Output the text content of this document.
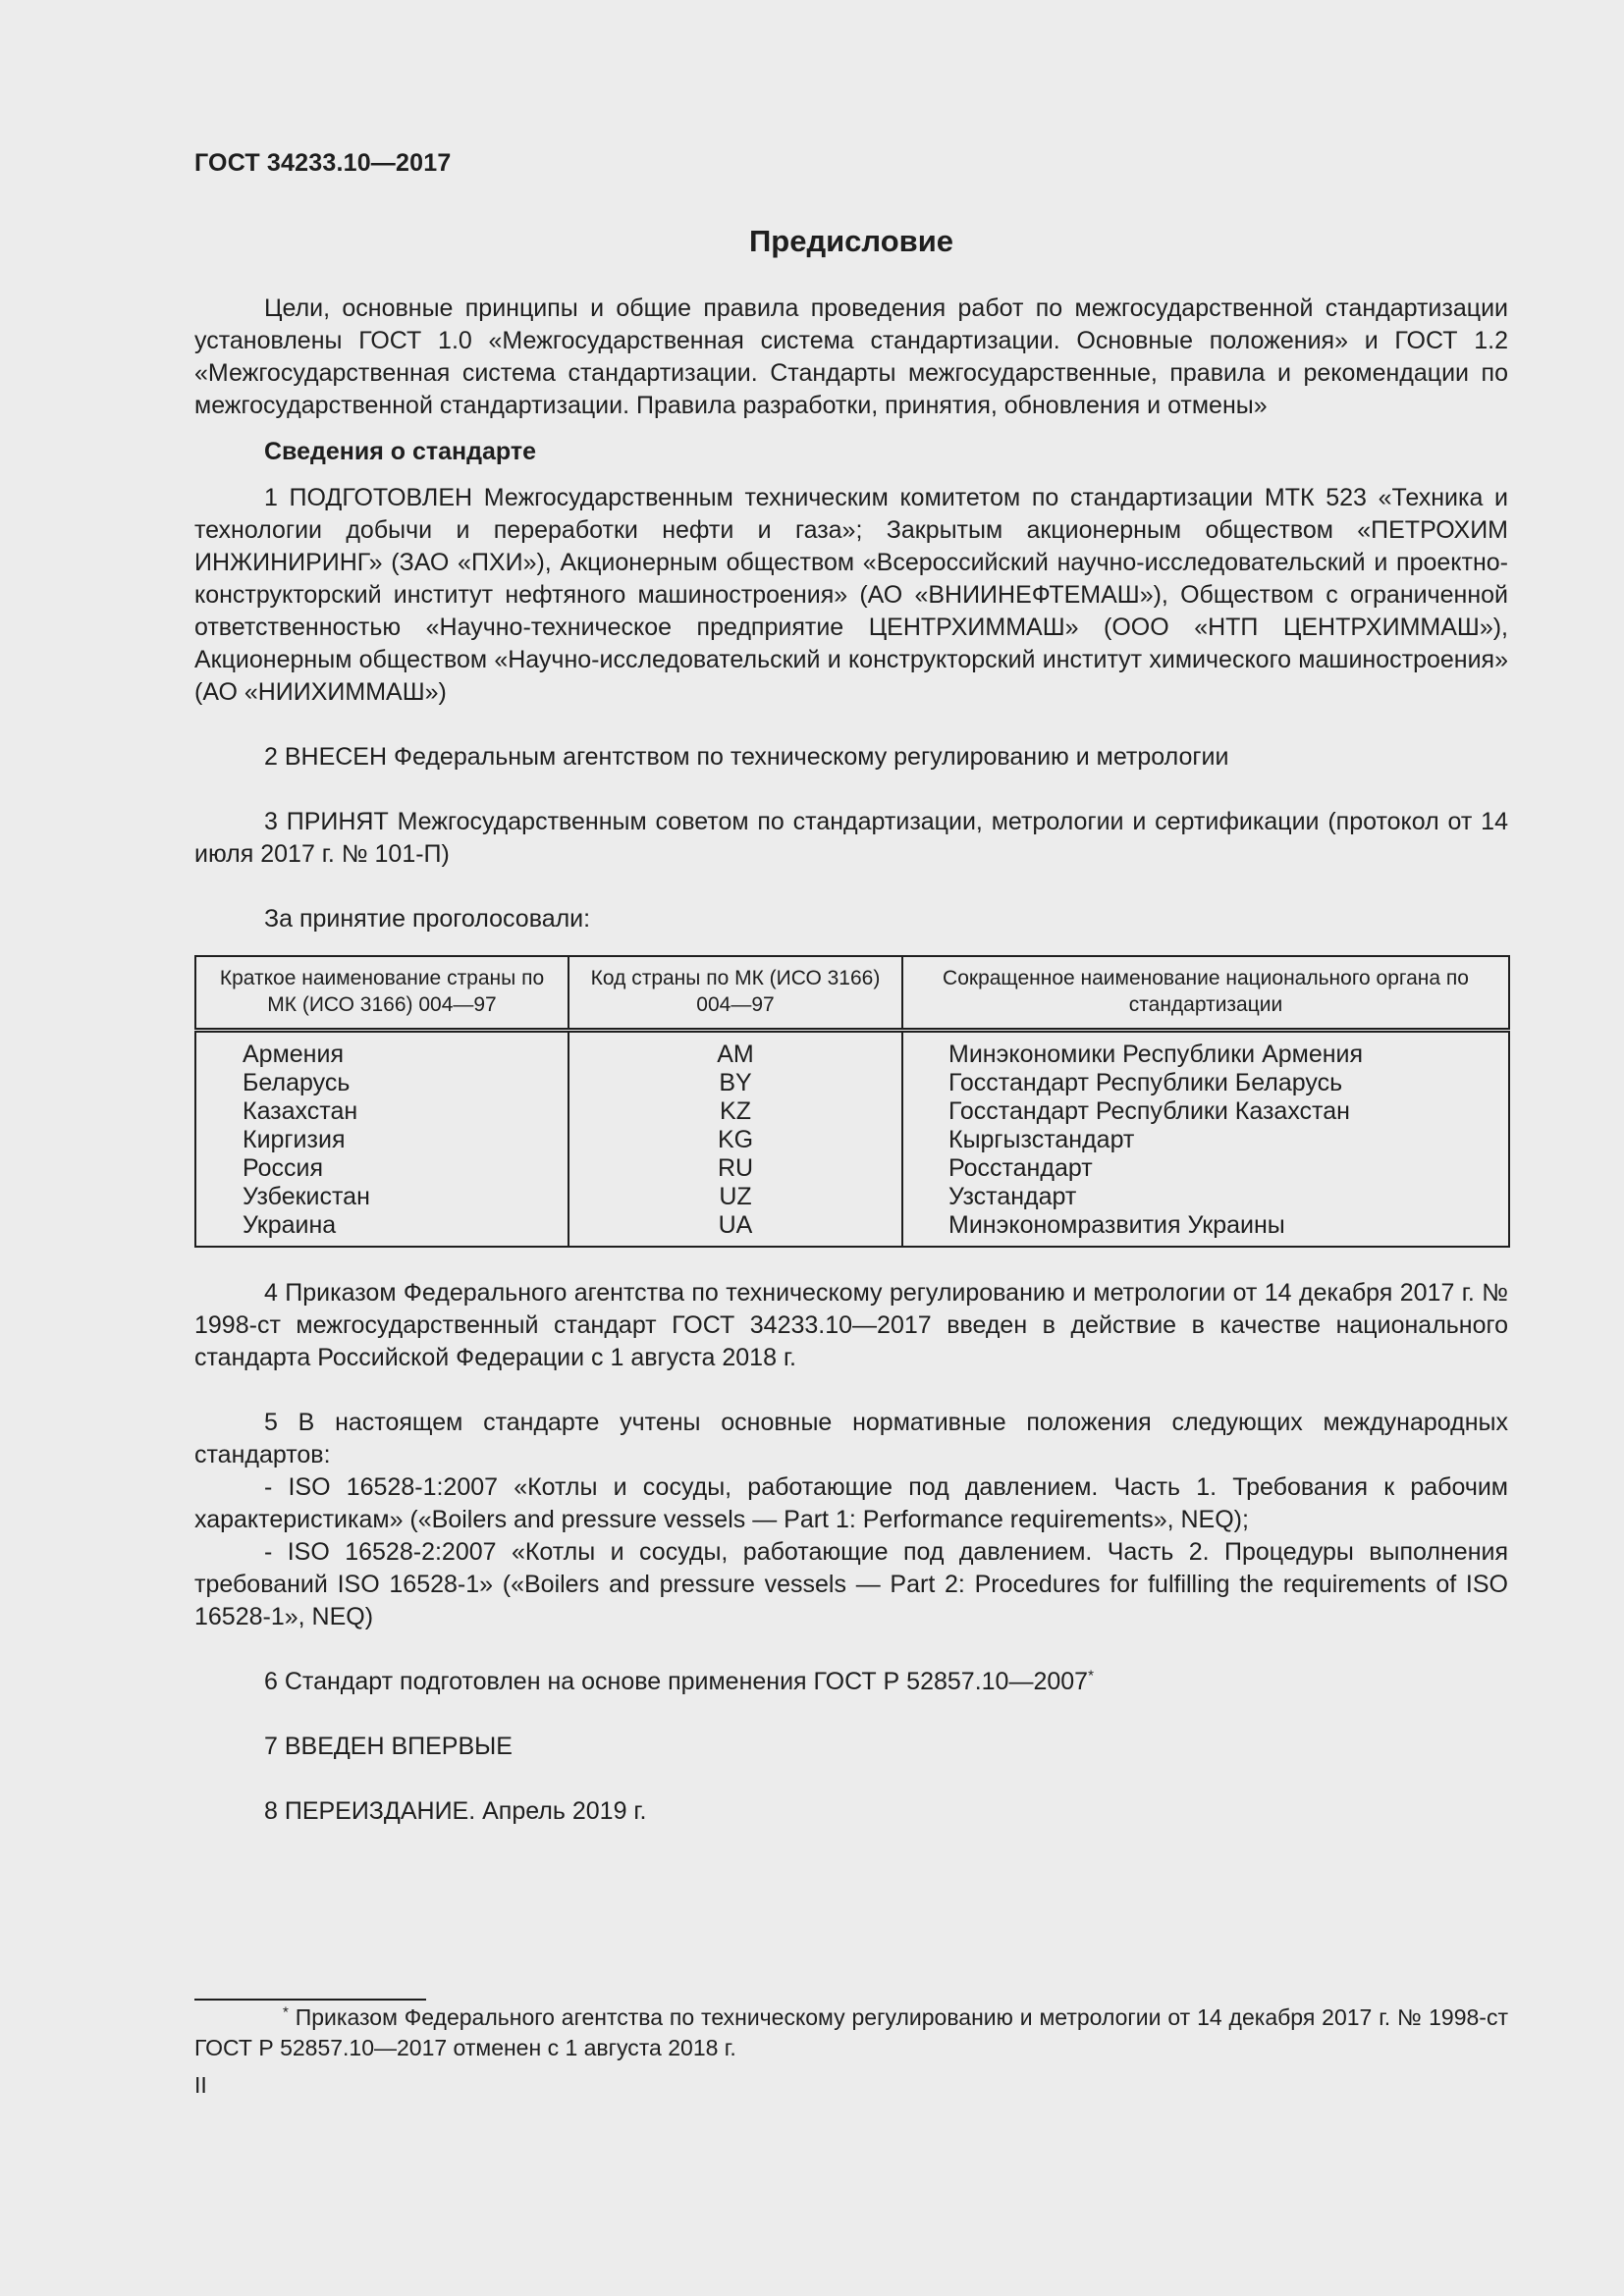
ГОСТ 34233.10—2017
Предисловие

Цели, основные принципы и общие правила проведения работ по межгосударственной стандартизации установлены ГОСТ 1.0 «Межгосударственная система стандартизации. Основные положения» и ГОСТ 1.2 «Межгосударственная система стандартизации. Стандарты межгосударственные, правила и рекомендации по межгосударственной стандартизации. Правила разработки, принятия, обновления и отмены»

Сведения о стандарте

1 ПОДГОТОВЛЕН Межгосударственным техническим комитетом по стандартизации МТК 523 «Техника и технологии добычи и переработки нефти и газа»; Закрытым акционерным обществом «ПЕТРОХИМ ИНЖИНИРИНГ» (ЗАО «ПХИ»), Акционерным обществом «Всероссийский научно-исследовательский и проектно-конструкторский институт нефтяного машиностроения» (АО «ВНИИНЕФТЕМАШ»), Обществом с ограниченной ответственностью «Научно-техническое предприятие ЦЕНТРХИММАШ» (ООО «НТП ЦЕНТРХИММАШ»), Акционерным обществом «Научно-исследовательский и конструкторский институт химического машиностроения» (АО «НИИХИММАШ»)

2 ВНЕСЕН Федеральным агентством по техническому регулированию и метрологии

3 ПРИНЯТ Межгосударственным советом по стандартизации, метрологии и сертификации (протокол от 14 июля 2017 г. № 101-П)

За принятие проголосовали:

Краткое наименование страны по МК (ИСО 3166) 004—97	Код страны по МК (ИСО 3166) 004—97	Сокращенное наименование национального органа по стандартизации
Армения	AM	Минэкономики Республики Армения
Беларусь	BY	Госстандарт Республики Беларусь
Казахстан	KZ	Госстандарт Республики Казахстан
Киргизия	KG	Кыргызстандарт
Россия	RU	Росстандарт
Узбекистан	UZ	Узстандарт
Украина	UA	Минэкономразвития Украины

4 Приказом Федерального агентства по техническому регулированию и метрологии от 14 декабря 2017 г. № 1998-ст межгосударственный стандарт ГОСТ 34233.10—2017 введен в действие в качестве национального стандарта Российской Федерации с 1 августа 2018 г.

5 В настоящем стандарте учтены основные нормативные положения следующих международных стандартов:

- ISO 16528-1:2007 «Котлы и сосуды, работающие под давлением. Часть 1. Требования к рабочим характеристикам» («Boilers and pressure vessels — Part 1: Performance requirements», NEQ);

- ISO 16528-2:2007 «Котлы и сосуды, работающие под давлением. Часть 2. Процедуры выполнения требований ISO 16528-1» («Boilers and pressure vessels — Part 2: Procedures for fulfilling the requirements of ISO 16528-1», NEQ)

6 Стандарт подготовлен на основе применения ГОСТ Р 52857.10—2007*

7 ВВЕДЕН ВПЕРВЫЕ

8 ПЕРЕИЗДАНИЕ. Апрель 2019 г.

* Приказом Федерального агентства по техническому регулированию и метрологии от 14 декабря 2017 г. № 1998-ст ГОСТ Р 52857.10—2017 отменен с 1 августа 2018 г.

II
